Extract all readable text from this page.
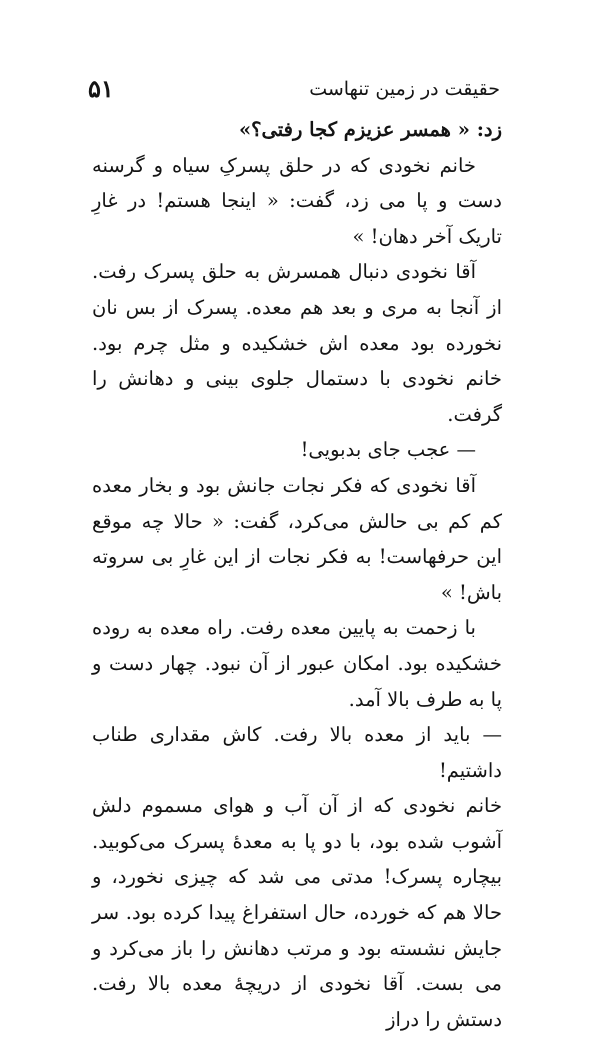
حقیقت در زمین تنهاست
۵۱

زد: « همسر عزیزم کجا رفتی؟»

خانم نخودی که در حلق پسرکِ سیاه و گرسنه دست و پا می زد، گفت: « اینجا هستم! در غارِ تاریک آخر دهان! »

آقا نخودی دنبال همسرش به حلق پسرک رفت. از آنجا به مری و بعد هم معده. پسرک از بس نان نخورده بود معده اش خشکیده و مثل چرم بود. خانم نخودی با دستمال جلوی بینی و دهانش را گرفت.

— عجب جای بدبویی!

آقا نخودی که فکر نجات جانش بود و بخار معده کم کم بی حالش می‌کرد، گفت: « حالا چه موقع این حرفهاست! به فکر نجات از این غارِ بی سروته باش! »

با زحمت به پایین معده رفت. راه معده به روده خشکیده بود. امکان عبور از آن نبود. چهار دست و پا به طرف بالا آمد.

— باید از معده بالا رفت. کاش مقداری طناب داشتیم!

خانم نخودی که از آن آب و هوای مسموم دلش آشوب شده بود، با دو پا به معدهٔ پسرک می‌کوبید. بیچاره پسرک! مدتی می شد که چیزی نخورد، و حالا هم که خورده، حال استفراغ پیدا کرده بود. سر جایش نشسته بود و مرتب دهانش را باز می‌کرد و می بست. آقا نخودی از دریچهٔ معده بالا رفت. دستش را دراز
